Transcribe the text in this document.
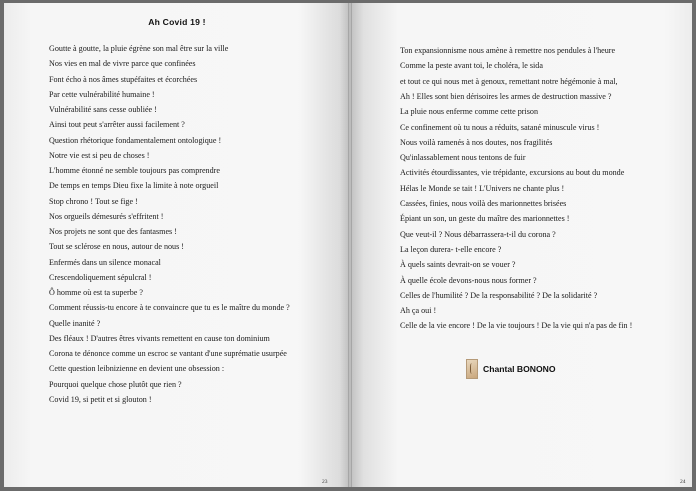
Ah Covid 19 !
Goutte à goutte, la pluie égrène son mal être sur la ville
Nos vies en mal de vivre parce que confinées
Font écho à nos âmes stupéfaites et écorchées
Par cette vulnérabilité humaine !
Vulnérabilité sans cesse oubliée !
Ainsi tout peut s'arrêter aussi facilement ?
Question rhétorique fondamentalement ontologique !
Notre vie est si peu de choses !
L'homme étonné ne semble toujours pas comprendre
De temps en temps Dieu fixe la limite à note orgueil
Stop chrono ! Tout se fige !
Nos orgueils démesurés s'effritent !
Nos projets ne sont que des fantasmes !
Tout se sclérose en nous, autour de nous !
Enfermés dans un silence monacal
Crescendoliquement sépulcral !
Ô homme où est ta superbe ?
Comment réussis-tu encore à te convaincre que tu es le maître du monde ?
Quelle inanité ?
Des fléaux ! D'autres êtres vivants remettent en cause ton dominium
Corona te dénonce comme un escroc se vantant d'une suprématie usurpée
Cette question leibnizienne en devient une obsession :
Pourquoi quelque chose plutôt que rien ?
Covid 19, si petit et si glouton !
23
Ton expansionnisme nous amène à remettre nos pendules à l'heure
Comme la peste avant toi, le choléra, le sida
et tout ce qui nous met à genoux, remettant notre hégémonie à mal,
Ah ! Elles sont bien dérisoires les armes de destruction massive ?
La pluie nous enferme comme cette prison
Ce confinement où tu nous a réduits, satané minuscule virus !
Nous voilà ramenés à nos doutes, nos fragilités
Qu'inlassablement nous tentons de fuir
Activités étourdissantes, vie trépidante, excursions au bout du monde
Hélas le Monde se tait ! L'Univers ne chante plus !
Cassées, finies, nous voilà des marionnettes brisées
Épiant un son, un geste du maître des marionnettes !
Que veut-il ? Nous débarrassera-t-il du corona ?
La leçon durera- t-elle encore ?
À quels saints devrait-on se vouer ?
À quelle école devons-nous nous former ?
Celles de l'humilité ? De la responsabilité ? De la solidarité ?
Ah ça oui !
Celle de la vie encore ! De la vie toujours ! De la vie qui n'a pas de fin !
Chantal BONONO
24
